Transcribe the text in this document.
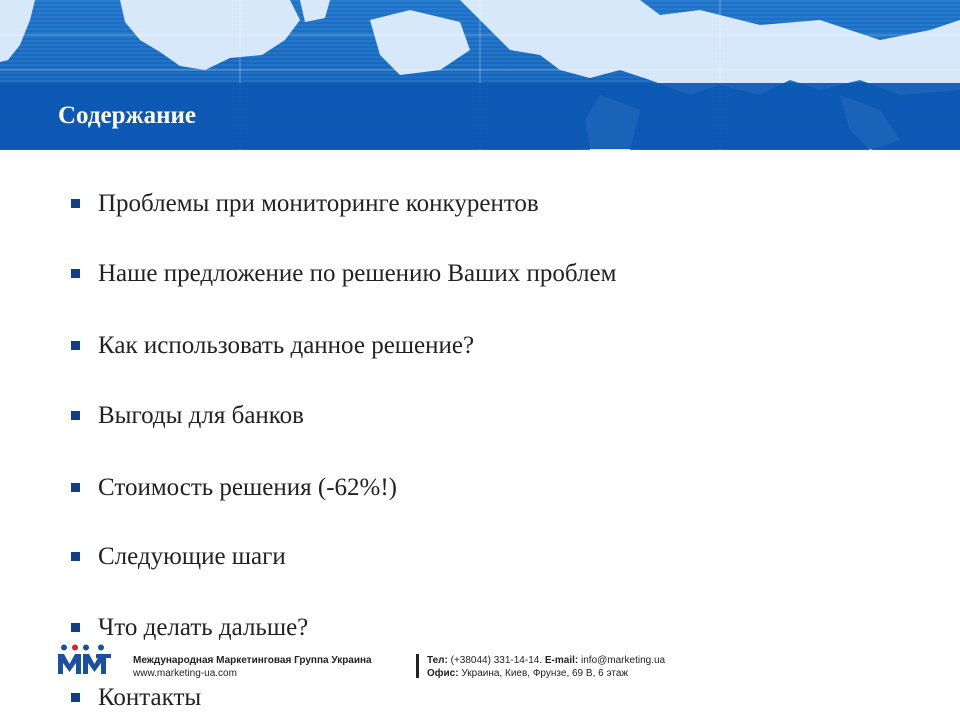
Содержание
Проблемы при мониторинге конкурентов
Наше предложение по решению Ваших проблем
Как использовать данное решение?
Выгоды для банков
Стоимость решения (-62%!)
Следующие шаги
Что делать дальше?
Контакты
Международная Маркетинговая Группа Украина
www.marketing-ua.com
Тел: (+38044) 331-14-14. E-mail: info@marketing.ua
Офис: Украина, Киев, Фрунзе, 69 В, 6 этаж
